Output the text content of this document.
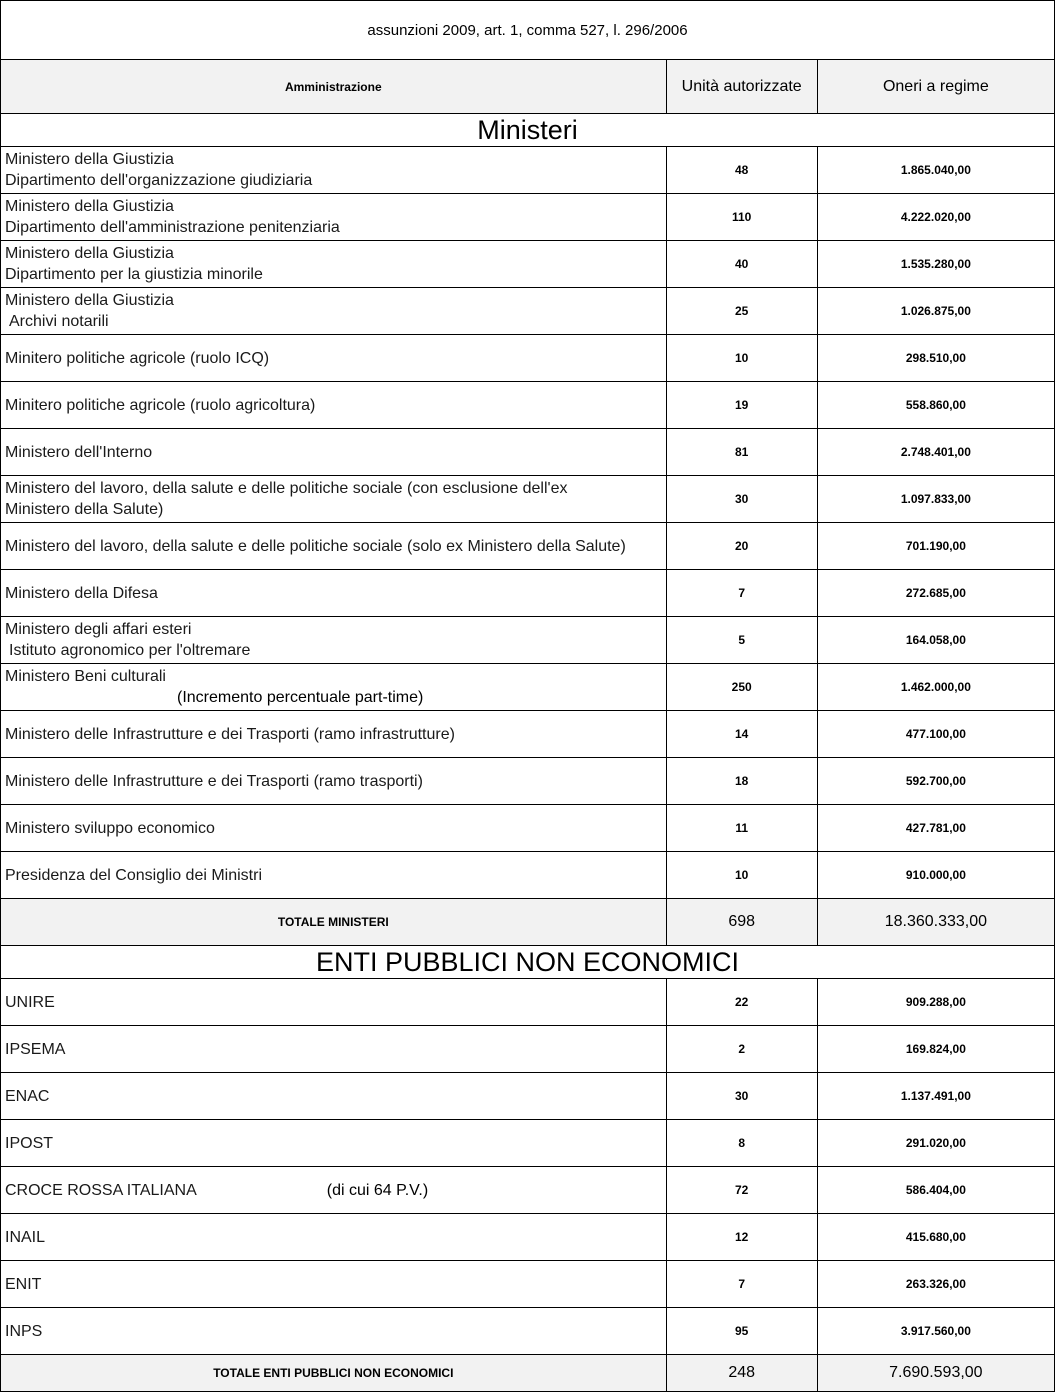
assunzioni 2009, art. 1, comma 527, l. 296/2006		
Amministrazione	Unità autorizzate	Oneri a regime
Ministeri		
Ministero della Giustizia
Dipartimento dell'organizzazione giudiziaria	48	1.865.040,00
Ministero della Giustizia
Dipartimento dell'amministrazione penitenziaria	110	4.222.020,00
Ministero della Giustizia
Dipartimento per la giustizia minorile	40	1.535.280,00
Ministero della Giustizia
Archivi notarili	25	1.026.875,00
Minitero politiche agricole (ruolo ICQ)	10	298.510,00
Minitero politiche agricole (ruolo agricoltura)	19	558.860,00
Ministero dell'Interno	81	2.748.401,00
Ministero del lavoro, della salute e delle politiche sociale (con esclusione dell'ex
Ministero della Salute)	30	1.097.833,00
Ministero del lavoro, della salute e delle politiche sociale (solo ex Ministero della Salute)	20	701.190,00
Ministero della Difesa	7	272.685,00
Ministero degli affari esteri
Istituto agronomico per l'oltremare	5	164.058,00
Ministero Beni culturali
(Incremento percentuale part-time)	250	1.462.000,00
Ministero delle Infrastrutture e dei Trasporti (ramo infrastrutture)	14	477.100,00
Ministero delle Infrastrutture e dei Trasporti (ramo trasporti)	18	592.700,00
Ministero sviluppo economico	11	427.781,00
Presidenza del Consiglio dei Ministri	10	910.000,00
TOTALE MINISTERI	698	18.360.333,00
ENTI PUBBLICI NON ECONOMICI		
UNIRE	22	909.288,00
IPSEMA	2	169.824,00
ENAC	30	1.137.491,00
IPOST	8	291.020,00
CROCE ROSSA ITALIANA (di cui 64 P.V.)	72	586.404,00
INAIL	12	415.680,00
ENIT	7	263.326,00
INPS	95	3.917.560,00
TOTALE ENTI PUBBLICI NON ECONOMICI	248	7.690.593,00
